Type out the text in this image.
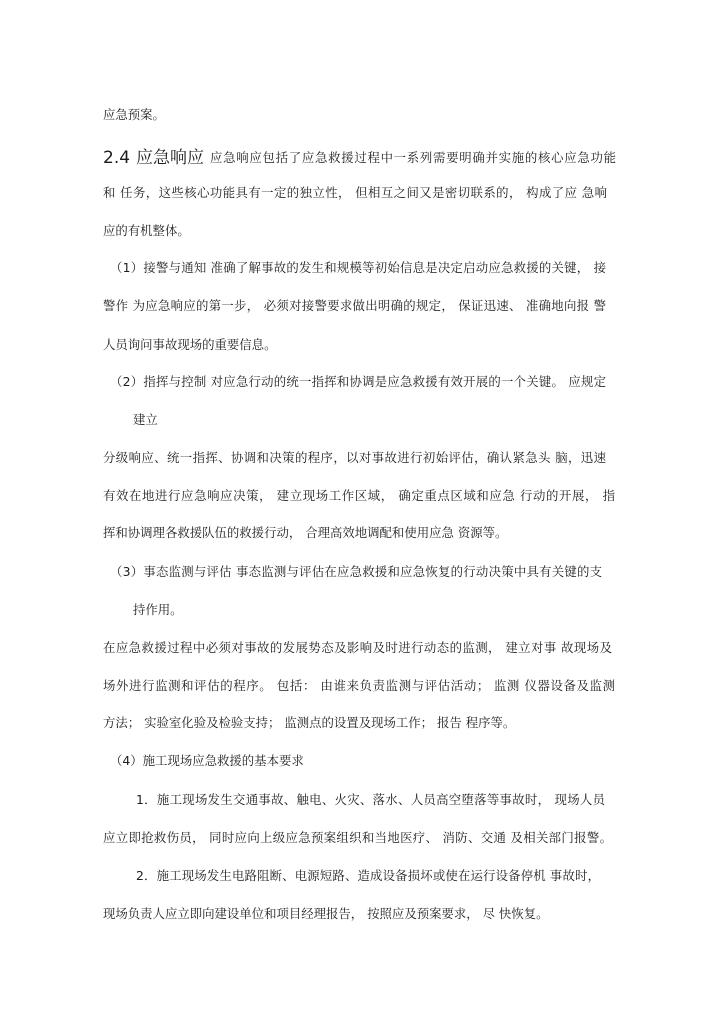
应急预案。
2.4 应急响应 应急响应包括了应急救援过程中一系列需要明确并实施的核心应急功能
和 任务，这些核心功能具有一定的独立性， 但相互之间又是密切联系的， 构成了应 急响
应的有机整体。
（1）接警与通知 准确了解事故的发生和规模等初始信息是决定启动应急救援的关键， 接
警作 为应急响应的第一步， 必须对接警要求做出明确的规定， 保证迅速、 准确地向报 警
人员询问事故现场的重要信息。
（2）指挥与控制 对应急行动的统一指挥和协调是应急救援有效开展的一个关键。 应规定
建立
分级响应、统一指挥、协调和决策的程序，以对事故进行初始评估，确认紧急头 脑，迅速
有效在地进行应急响应决策， 建立现场工作区域， 确定重点区域和应急 行动的开展， 指
挥和协调理各救援队伍的救援行动， 合理高效地调配和使用应急 资源等。
（3）事态监测与评估 事态监测与评估在应急救援和应急恢复的行动决策中具有关键的支
持作用。
在应急救援过程中必须对事故的发展势态及影响及时进行动态的监测， 建立对事 故现场及
场外进行监测和评估的程序。 包括： 由谁来负责监测与评估活动； 监测 仪器设备及监测
方法； 实验室化验及检验支持； 监测点的设置及现场工作； 报告 程序等。
（4）施工现场应急救援的基本要求
1．施工现场发生交通事故、触电、火灾、落水、人员高空堕落等事故时， 现场人员
应立即抢救伤员， 同时应向上级应急预案组织和当地医疗、 消防、交通 及相关部门报警。
2．施工现场发生电路阻断、电源短路、造成设备损坏或使在运行设备停机 事故时，
现场负责人应立即向建设单位和项目经理报告， 按照应及预案要求， 尽 快恢复。
